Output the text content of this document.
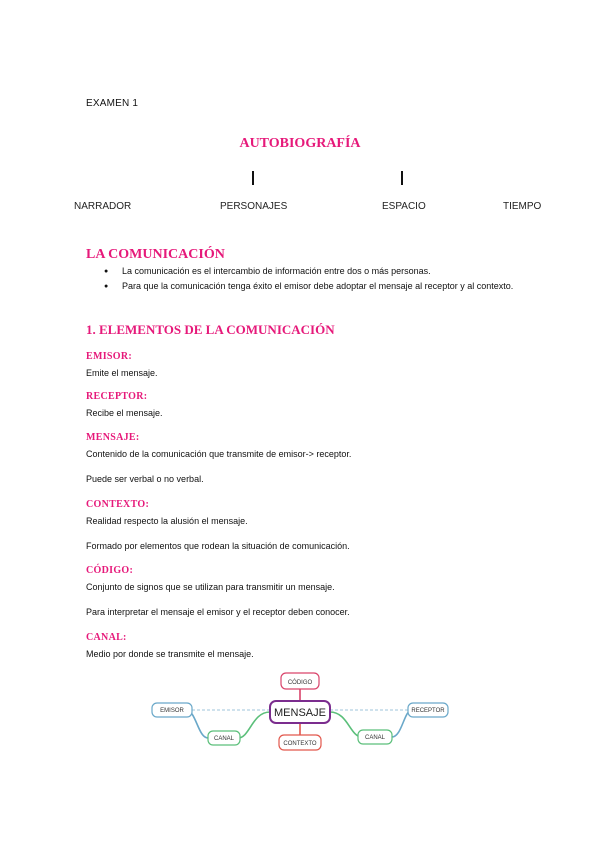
EXAMEN 1
AUTOBIOGRAFÍA
NARRADOR	PERSONAJES	ESPACIO	TIEMPO
LA COMUNICACIÓN
● La comunicación es el intercambio de información entre dos o más personas.
● Para que la comunicación tenga éxito el emisor debe adoptar el mensaje al receptor y al contexto.
1. ELEMENTOS DE LA COMUNICACIÓN
EMISOR:
Emite el mensaje.
RECEPTOR:
Recibe el mensaje.
MENSAJE:
Contenido de la comunicación que transmite de emisor-> receptor.
Puede ser verbal o no verbal.
CONTEXTO:
Realidad respecto la alusión el mensaje.
Formado por elementos que rodean la situación de comunicación.
CÓDIGO:
Conjunto de signos que se utilizan para transmitir un mensaje.
Para interpretar el mensaje el emisor y el receptor deben conocer.
CANAL:
Medio por donde se transmite el mensaje.
CÓDIGO
MENSAJE
CONTEXTO
EMISOR	RECEPTOR
CANAL	CANAL
